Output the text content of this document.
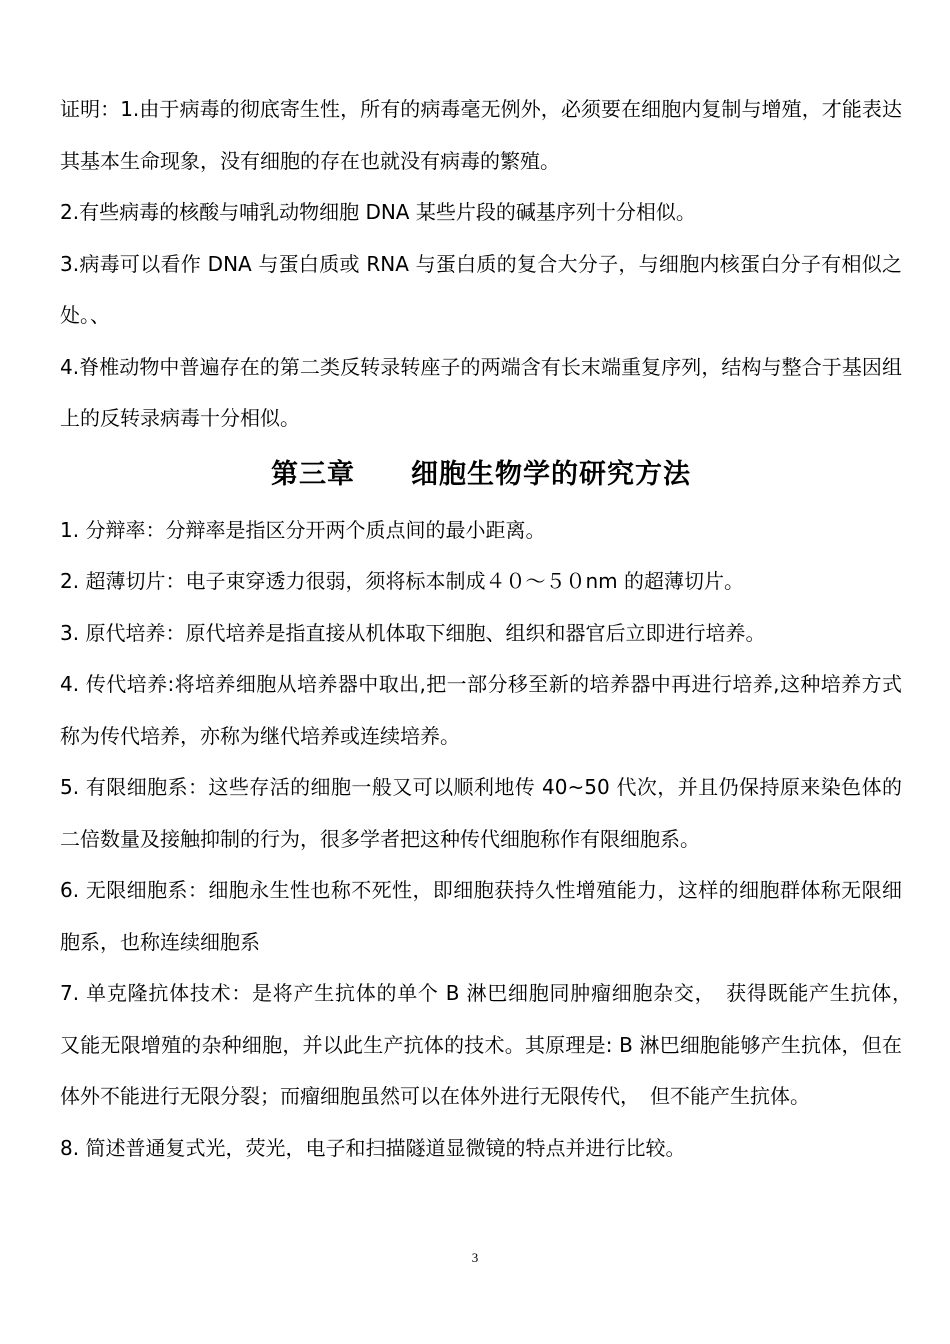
证明：1.由于病毒的彻底寄生性，所有的病毒毫无例外，必须要在细胞内复制与增殖，才能表达其基本生命现象，没有细胞的存在也就没有病毒的繁殖。

2.有些病毒的核酸与哺乳动物细胞 DNA 某些片段的碱基序列十分相似。

3.病毒可以看作 DNA 与蛋白质或 RNA 与蛋白质的复合大分子，与细胞内核蛋白分子有相似之处。、

4.脊椎动物中普遍存在的第二类反转录转座子的两端含有长末端重复序列，结构与整合于基因组上的反转录病毒十分相似。

第三章　　细胞生物学的研究方法

1. 分辩率：分辩率是指区分开两个质点间的最小距离。

2. 超薄切片：电子束穿透力很弱，须将标本制成４０～５０nm 的超薄切片。

3. 原代培养：原代培养是指直接从机体取下细胞、组织和器官后立即进行培养。

4. 传代培养:将培养细胞从培养器中取出,把一部分移至新的培养器中再进行培养,这种培养方式称为传代培养，亦称为继代培养或连续培养。

5. 有限细胞系：这些存活的细胞一般又可以顺利地传 40~50 代次，并且仍保持原来染色体的二倍数量及接触抑制的行为，很多学者把这种传代细胞称作有限细胞系。

6. 无限细胞系：细胞永生性也称不死性，即细胞获持久性增殖能力，这样的细胞群体称无限细胞系，也称连续细胞系

7. 单克隆抗体技术：是将产生抗体的单个 B 淋巴细胞同肿瘤细胞杂交，　获得既能产生抗体，　又能无限增殖的杂种细胞，并以此生产抗体的技术。其原理是: B 淋巴细胞能够产生抗体，但在体外不能进行无限分裂；而瘤细胞虽然可以在体外进行无限传代，　但不能产生抗体。

8. 简述普通复式光，荧光，电子和扫描隧道显微镜的特点并进行比较。

3
